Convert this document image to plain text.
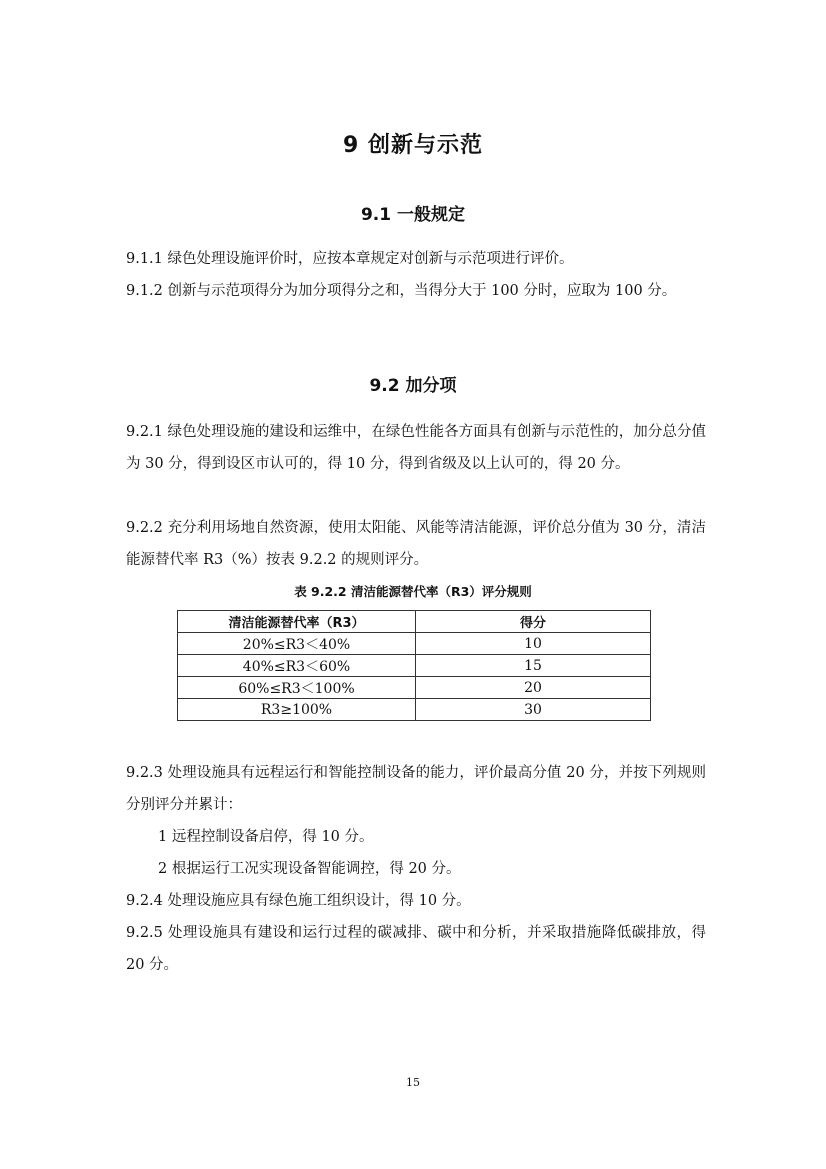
9 创新与示范
9.1 一般规定
9.1.1 绿色处理设施评价时，应按本章规定对创新与示范项进行评价。
9.1.2 创新与示范项得分为加分项得分之和，当得分大于 100 分时，应取为 100 分。
9.2 加分项
9.2.1 绿色处理设施的建设和运维中，在绿色性能各方面具有创新与示范性的，加分总分值为 30 分，得到设区市认可的，得 10 分，得到省级及以上认可的，得 20 分。
9.2.2 充分利用场地自然资源，使用太阳能、风能等清洁能源，评价总分值为 30 分，清洁能源替代率 R3（%）按表 9.2.2 的规则评分。
表 9.2.2 清洁能源替代率（R3）评分规则
清洁能源替代率（R3）	得分
20%≤R3＜40%	10
40%≤R3＜60%	15
60%≤R3＜100%	20
R3≥100%	30
9.2.3 处理设施具有远程运行和智能控制设备的能力，评价最高分值 20 分，并按下列规则分别评分并累计：
1 远程控制设备启停，得 10 分。
2 根据运行工况实现设备智能调控，得 20 分。
9.2.4 处理设施应具有绿色施工组织设计，得 10 分。
9.2.5 处理设施具有建设和运行过程的碳减排、碳中和分析，并采取措施降低碳排放，得 20 分。
15
